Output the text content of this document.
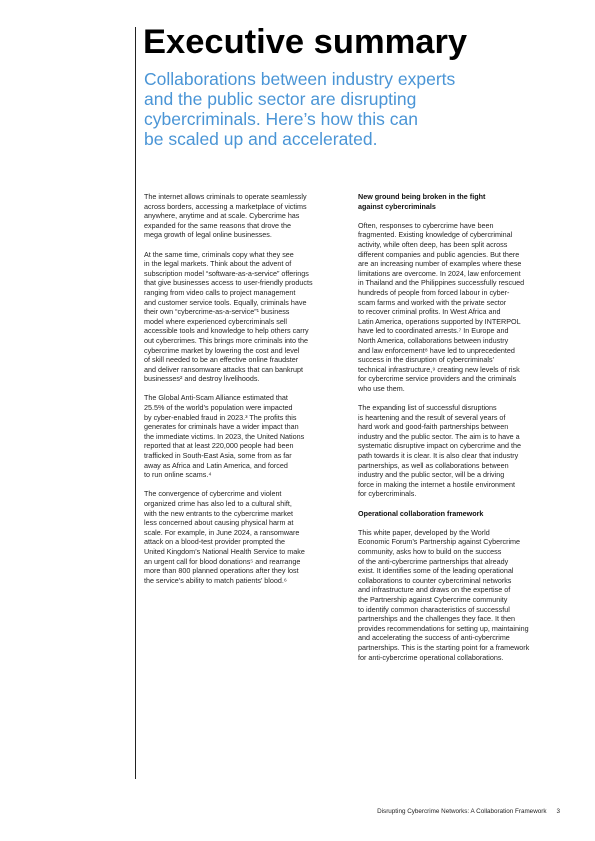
Executive summary
Collaborations between industry experts
and the public sector are disrupting
cybercriminals. Here’s how this can
be scaled up and accelerated.

The internet allows criminals to operate seamlessly
across borders, accessing a marketplace of victims
anywhere, anytime and at scale. Cybercrime has
expanded for the same reasons that drove the
mega growth of legal online businesses.

At the same time, criminals copy what they see
in the legal markets. Think about the advent of
subscription model “software-as-a-service” offerings
that give businesses access to user-friendly products
ranging from video calls to project management
and customer service tools. Equally, criminals have
their own “cybercrime-as-a-service”¹ business
model where experienced cybercriminals sell
accessible tools and knowledge to help others carry
out cybercrimes. This brings more criminals into the
cybercrime market by lowering the cost and level
of skill needed to be an effective online fraudster
and deliver ransomware attacks that can bankrupt
businesses² and destroy livelihoods.

The Global Anti-Scam Alliance estimated that
25.5% of the world’s population were impacted
by cyber-enabled fraud in 2023.³ The profits this
generates for criminals have a wider impact than
the immediate victims. In 2023, the United Nations
reported that at least 220,000 people had been
trafficked in South-East Asia, some from as far
away as Africa and Latin America, and forced
to run online scams.⁴

The convergence of cybercrime and violent
organized crime has also led to a cultural shift,
with the new entrants to the cybercrime market
less concerned about causing physical harm at
scale. For example, in June 2024, a ransomware
attack on a blood-test provider prompted the
United Kingdom’s National Health Service to make
an urgent call for blood donations⁵ and rearrange
more than 800 planned operations after they lost
the service’s ability to match patients’ blood.⁶

New ground being broken in the fight
against cybercriminals

Often, responses to cybercrime have been
fragmented. Existing knowledge of cybercriminal
activity, while often deep, has been split across
different companies and public agencies. But there
are an increasing number of examples where these
limitations are overcome. In 2024, law enforcement
in Thailand and the Philippines successfully rescued
hundreds of people from forced labour in cyber-
scam farms and worked with the private sector
to recover criminal profits. In West Africa and
Latin America, operations supported by INTERPOL
have led to coordinated arrests.⁷ In Europe and
North America, collaborations between industry
and law enforcement⁸ have led to unprecedented
success in the disruption of cybercriminals’
technical infrastructure,⁹ creating new levels of risk
for cybercrime service providers and the criminals
who use them.

The expanding list of successful disruptions
is heartening and the result of several years of
hard work and good-faith partnerships between
industry and the public sector. The aim is to have a
systematic disruptive impact on cybercrime and the
path towards it is clear. It is also clear that industry
partnerships, as well as collaborations between
industry and the public sector, will be a driving
force in making the internet a hostile environment
for cybercriminals.

Operational collaboration framework

This white paper, developed by the World
Economic Forum’s Partnership against Cybercrime
community, asks how to build on the success
of the anti-cybercrime partnerships that already
exist. It identifies some of the leading operational
collaborations to counter cybercriminal networks
and infrastructure and draws on the expertise of
the Partnership against Cybercrime community
to identify common characteristics of successful
partnerships and the challenges they face. It then
provides recommendations for setting up, maintaining
and accelerating the success of anti-cybercrime
partnerships. This is the starting point for a framework
for anti-cybercrime operational collaborations.

Disrupting Cybercrime Networks: A Collaboration Framework 3
